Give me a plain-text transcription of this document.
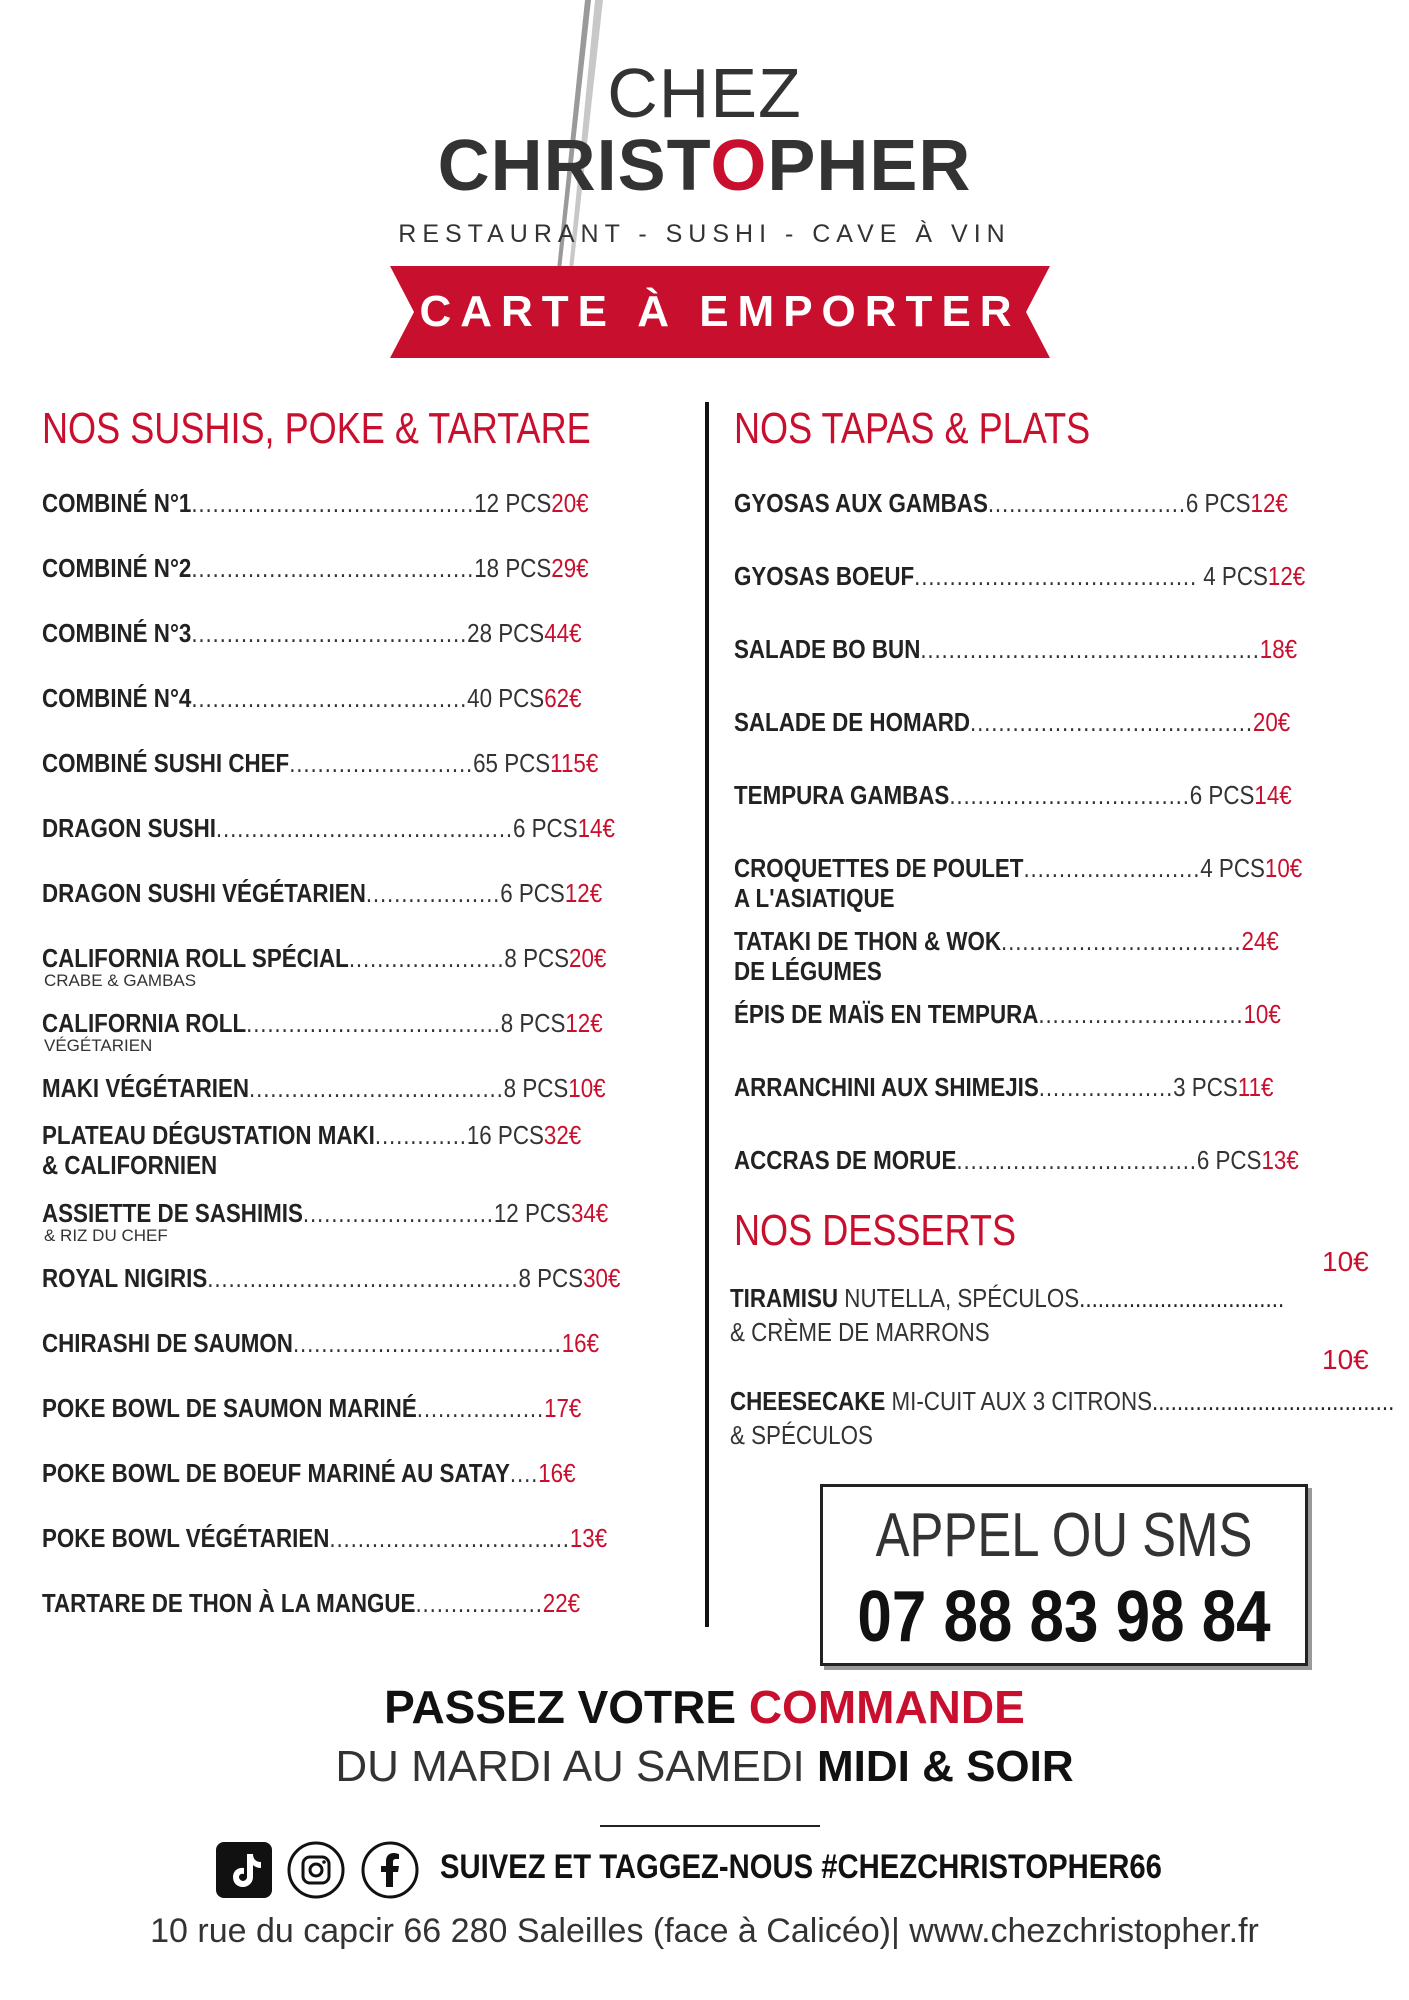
CHEZ
CHRISTOPHER
RESTAURANT - SUSHI - CAVE À VIN
CARTE À EMPORTER
NOS SUSHIS, POKE & TARTARE
COMBINÉ N°1........................................12 PCS20€
COMBINÉ N°2........................................18 PCS29€
COMBINÉ N°3.......................................28 PCS44€
COMBINÉ N°4.......................................40 PCS62€
COMBINÉ SUSHI CHEF..........................65 PCS115€
DRAGON SUSHI..........................................6 PCS14€
DRAGON SUSHI VÉGÉTARIEN...................6 PCS12€
CALIFORNIA ROLL SPÉCIAL......................8 PCS20€
CRABE & GAMBAS
CALIFORNIA ROLL....................................8 PCS12€
VÉGÉTARIEN
MAKI VÉGÉTARIEN....................................8 PCS10€
PLATEAU DÉGUSTATION MAKI.............16 PCS32€
& CALIFORNIEN
ASSIETTE DE SASHIMIS...........................12 PCS34€
& RIZ DU CHEF
ROYAL NIGIRIS............................................8 PCS30€
CHIRASHI DE SAUMON......................................16€
POKE BOWL DE SAUMON MARINÉ..................17€
POKE BOWL DE BOEUF MARINÉ AU SATAY....16€
POKE BOWL VÉGÉTARIEN..................................13€
TARTARE DE THON À LA MANGUE..................22€
NOS TAPAS & PLATS
GYOSAS AUX GAMBAS............................6 PCS12€
GYOSAS BOEUF........................................ 4 PCS12€
SALADE BO BUN................................................18€
SALADE DE HOMARD........................................20€
TEMPURA GAMBAS..................................6 PCS14€
CROQUETTES DE POULET.........................4 PCS10€
A L'ASIATIQUE
TATAKI DE THON & WOK..................................24€
DE LÉGUMES
ÉPIS DE MAÏS EN TEMPURA.............................10€
ARRANCHINI AUX SHIMEJIS...................3 PCS11€
ACCRAS DE MORUE..................................6 PCS13€
NOS DESSERTS
10€
TIRAMISU NUTELLA, SPÉCULOS.................................
& CRÈME DE MARRONS
10€
CHEESECAKE MI-CUIT AUX 3 CITRONS.......................................
& SPÉCULOS
APPEL OU SMS
07 88 83 98 84
PASSEZ VOTRE COMMANDE
DU MARDI AU SAMEDI MIDI & SOIR
SUIVEZ ET TAGGEZ-NOUS #CHEZCHRISTOPHER66
10 rue du capcir 66 280 Saleilles (face à Calicéo)| www.chezchristopher.fr
